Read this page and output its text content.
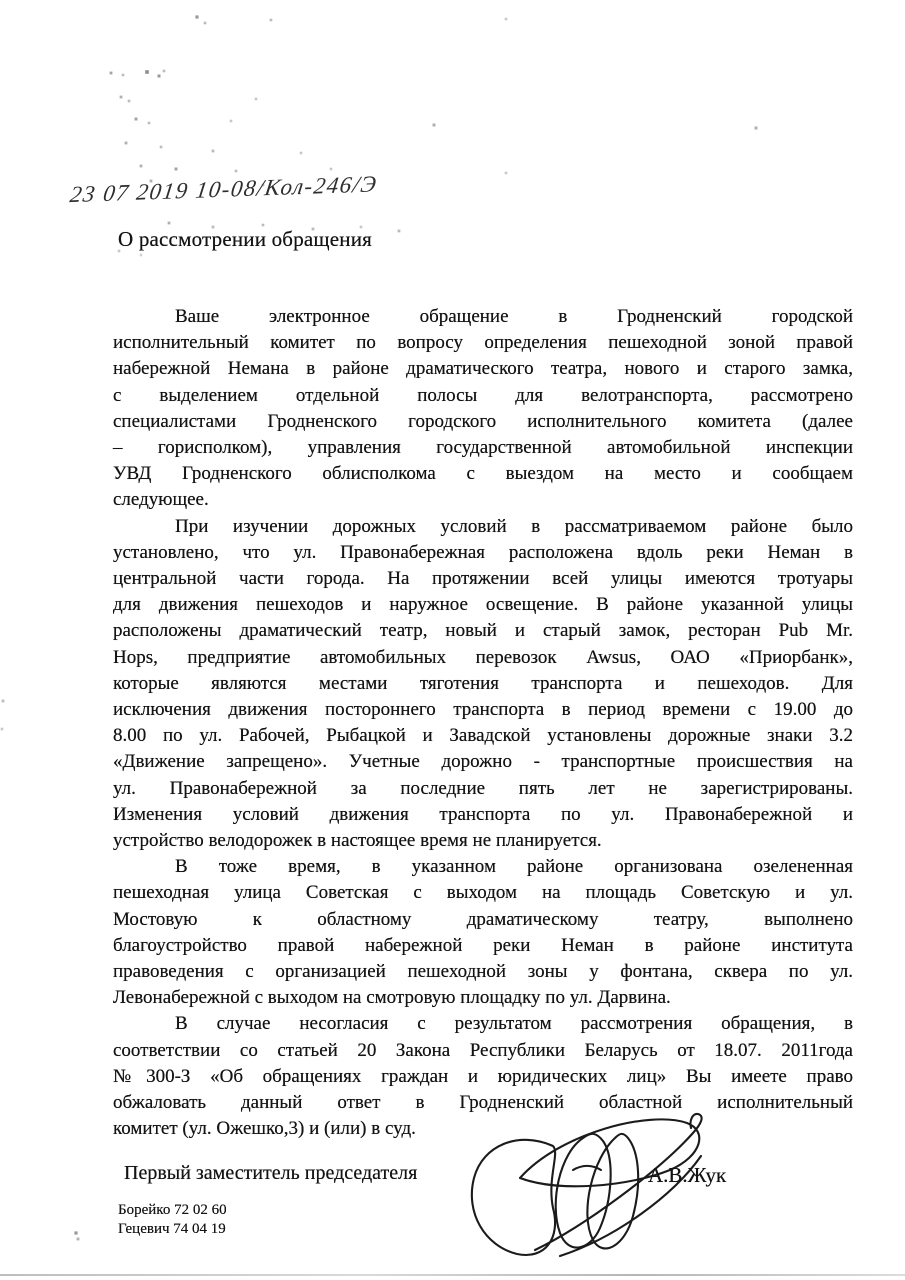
23 07 2019 10-08/Кол-246/Э
О рассмотрении обращения
Ваше электронное обращение в Гродненский городской
исполнительный комитет по вопросу определения пешеходной зоной правой
набережной Немана в районе драматического театра, нового и старого замка,
с выделением отдельной полосы для велотранспорта, рассмотрено
специалистами Гродненского городского исполнительного комитета (далее
– горисполком), управления государственной автомобильной инспекции
УВД Гродненского облисполкома с выездом на место и сообщаем
следующее.
При изучении дорожных условий в рассматриваемом районе было
установлено, что ул. Правонабережная расположена вдоль реки Неман в
центральной части города. На протяжении всей улицы имеются тротуары
для движения пешеходов и наружное освещение. В районе указанной улицы
расположены драматический театр, новый и старый замок, ресторан Pub Mr.
Hops, предприятие автомобильных перевозок Awsus, ОАО «Приорбанк»,
которые являются местами тяготения транспорта и пешеходов. Для
исключения движения постороннего транспорта в период времени с 19.00 до
8.00 по ул. Рабочей, Рыбацкой и Завадской установлены дорожные знаки 3.2
«Движение запрещено». Учетные дорожно - транспортные происшествия на
ул. Правонабережной за последние пять лет не зарегистрированы.
Изменения условий движения транспорта по ул. Правонабережной и
устройство велодорожек в настоящее время не планируется.
В тоже время, в указанном районе организована озелененная
пешеходная улица Советская с выходом на площадь Советскую и ул.
Мостовую к областному драматическому театру, выполнено
благоустройство правой набережной реки Неман в районе института
правоведения с организацией пешеходной зоны у фонтана, сквера по ул.
Левонабережной с выходом на смотровую площадку по ул. Дарвина.
В случае несогласия с результатом рассмотрения обращения, в
соответствии со статьей 20 Закона Республики Беларусь от 18.07. 2011года
№300-З «Об обращениях граждан и юридических лиц» Вы имеете право
обжаловать данный ответ в Гродненский областной исполнительный
комитет (ул. Ожешко,3) и (или) в суд.
Первый заместитель председателя	А.В.Жук
Борейко 72 02 60
Гецевич 74 04 19
